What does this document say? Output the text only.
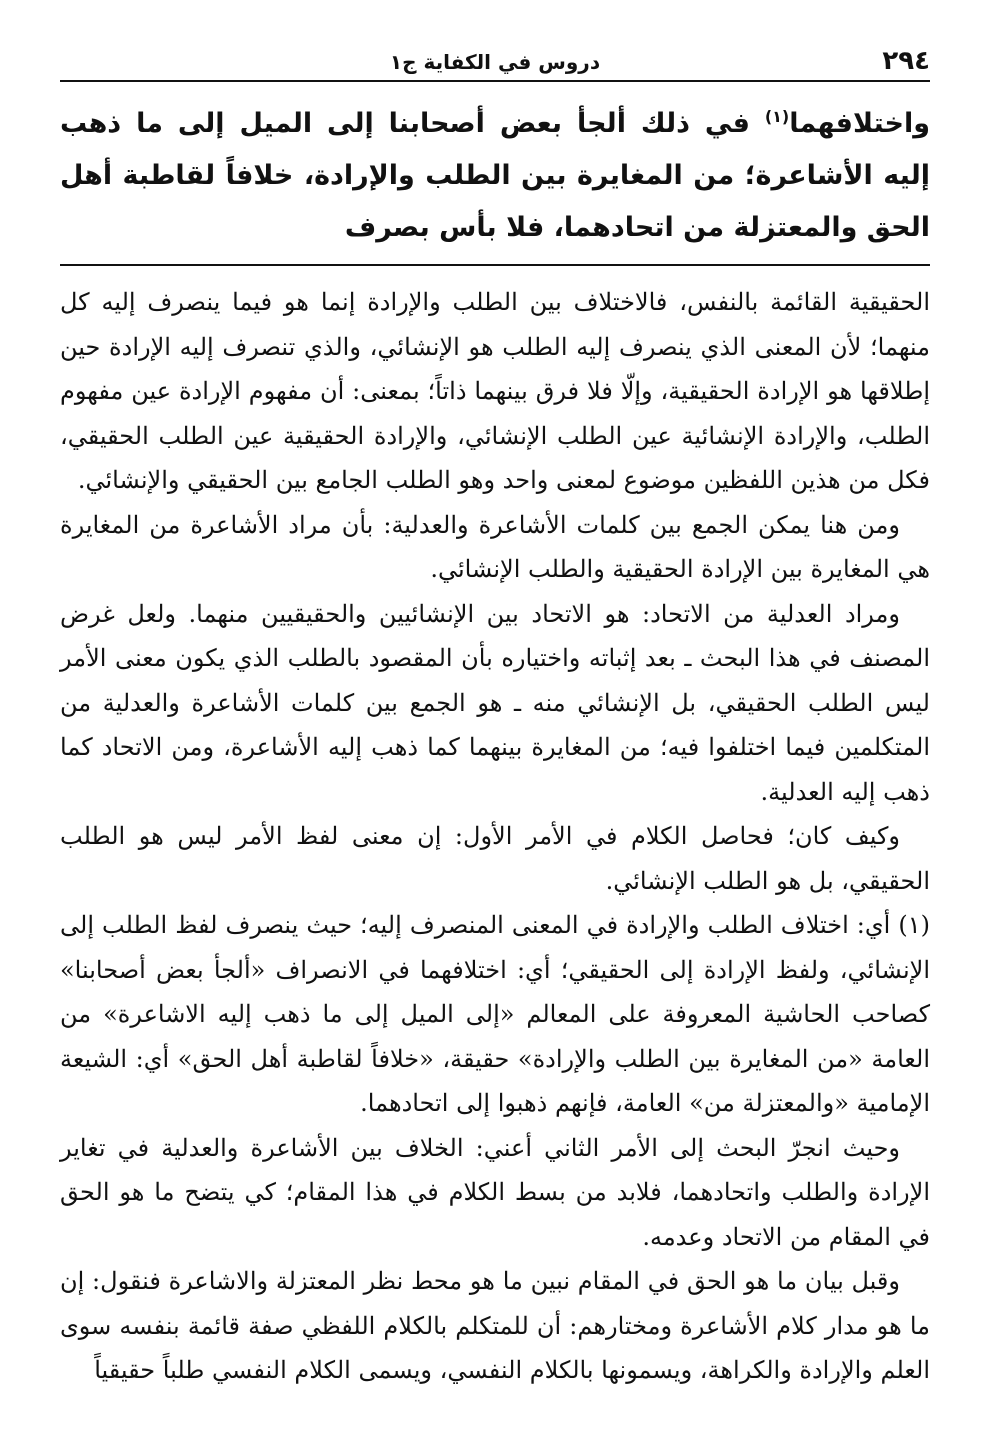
٢٩٤
دروس في الكفاية ج١
واختلافهما$^{(١)}$ في ذلك ألجأ بعض أصحابنا إلى الميل إلى ما ذهب إليه الأشاعرة؛ من المغايرة بين الطلب والإرادة، خلافاً لقاطبة أهل الحق والمعتزلة من اتحادهما، فلا بأس بصرف

الحقيقية القائمة بالنفس، فالاختلاف بين الطلب والإرادة إنما هو فيما ينصرف إليه كل منهما؛ لأن المعنى الذي ينصرف إليه الطلب هو الإنشائي، والذي تنصرف إليه الإرادة حين إطلاقها هو الإرادة الحقيقية، وإلّا فلا فرق بينهما ذاتاً؛ بمعنى: أن مفهوم الإرادة عين مفهوم الطلب، والإرادة الإنشائية عين الطلب الإنشائي، والإرادة الحقيقية عين الطلب الحقيقي، فكل من هذين اللفظين موضوع لمعنى واحد وهو الطلب الجامع بين الحقيقي والإنشائي.

ومن هنا يمكن الجمع بين كلمات الأشاعرة والعدلية: بأن مراد الأشاعرة من المغايرة هي المغايرة بين الإرادة الحقيقية والطلب الإنشائي.

ومراد العدلية من الاتحاد: هو الاتحاد بين الإنشائيين والحقيقيين منهما. ولعل غرض المصنف في هذا البحث ـ بعد إثباته واختياره بأن المقصود بالطلب الذي يكون معنى الأمر ليس الطلب الحقيقي، بل الإنشائي منه ـ هو الجمع بين كلمات الأشاعرة والعدلية من المتكلمين فيما اختلفوا فيه؛ من المغايرة بينهما كما ذهب إليه الأشاعرة، ومن الاتحاد كما ذهب إليه العدلية.

وكيف كان؛ فحاصل الكلام في الأمر الأول: إن معنى لفظ الأمر ليس هو الطلب الحقيقي، بل هو الطلب الإنشائي.

(١) أي: اختلاف الطلب والإرادة في المعنى المنصرف إليه؛ حيث ينصرف لفظ الطلب إلى الإنشائي، ولفظ الإرادة إلى الحقيقي؛ أي: اختلافهما في الانصراف «ألجأ بعض أصحابنا» كصاحب الحاشية المعروفة على المعالم «إلى الميل إلى ما ذهب إليه الاشاعرة» من العامة «من المغايرة بين الطلب والإرادة» حقيقة، «خلافاً لقاطبة أهل الحق» أي: الشيعة الإمامية «والمعتزلة من» العامة، فإنهم ذهبوا إلى اتحادهما.

وحيث انجرّ البحث إلى الأمر الثاني أعني: الخلاف بين الأشاعرة والعدلية في تغاير الإرادة والطلب واتحادهما، فلابد من بسط الكلام في هذا المقام؛ كي يتضح ما هو الحق في المقام من الاتحاد وعدمه.

وقبل بيان ما هو الحق في المقام نبين ما هو محط نظر المعتزلة والاشاعرة فنقول: إن ما هو مدار كلام الأشاعرة ومختارهم: أن للمتكلم بالكلام اللفظي صفة قائمة بنفسه سوى العلم والإرادة والكراهة، ويسمونها بالكلام النفسي، ويسمى الكلام النفسي طلباً حقيقياً
